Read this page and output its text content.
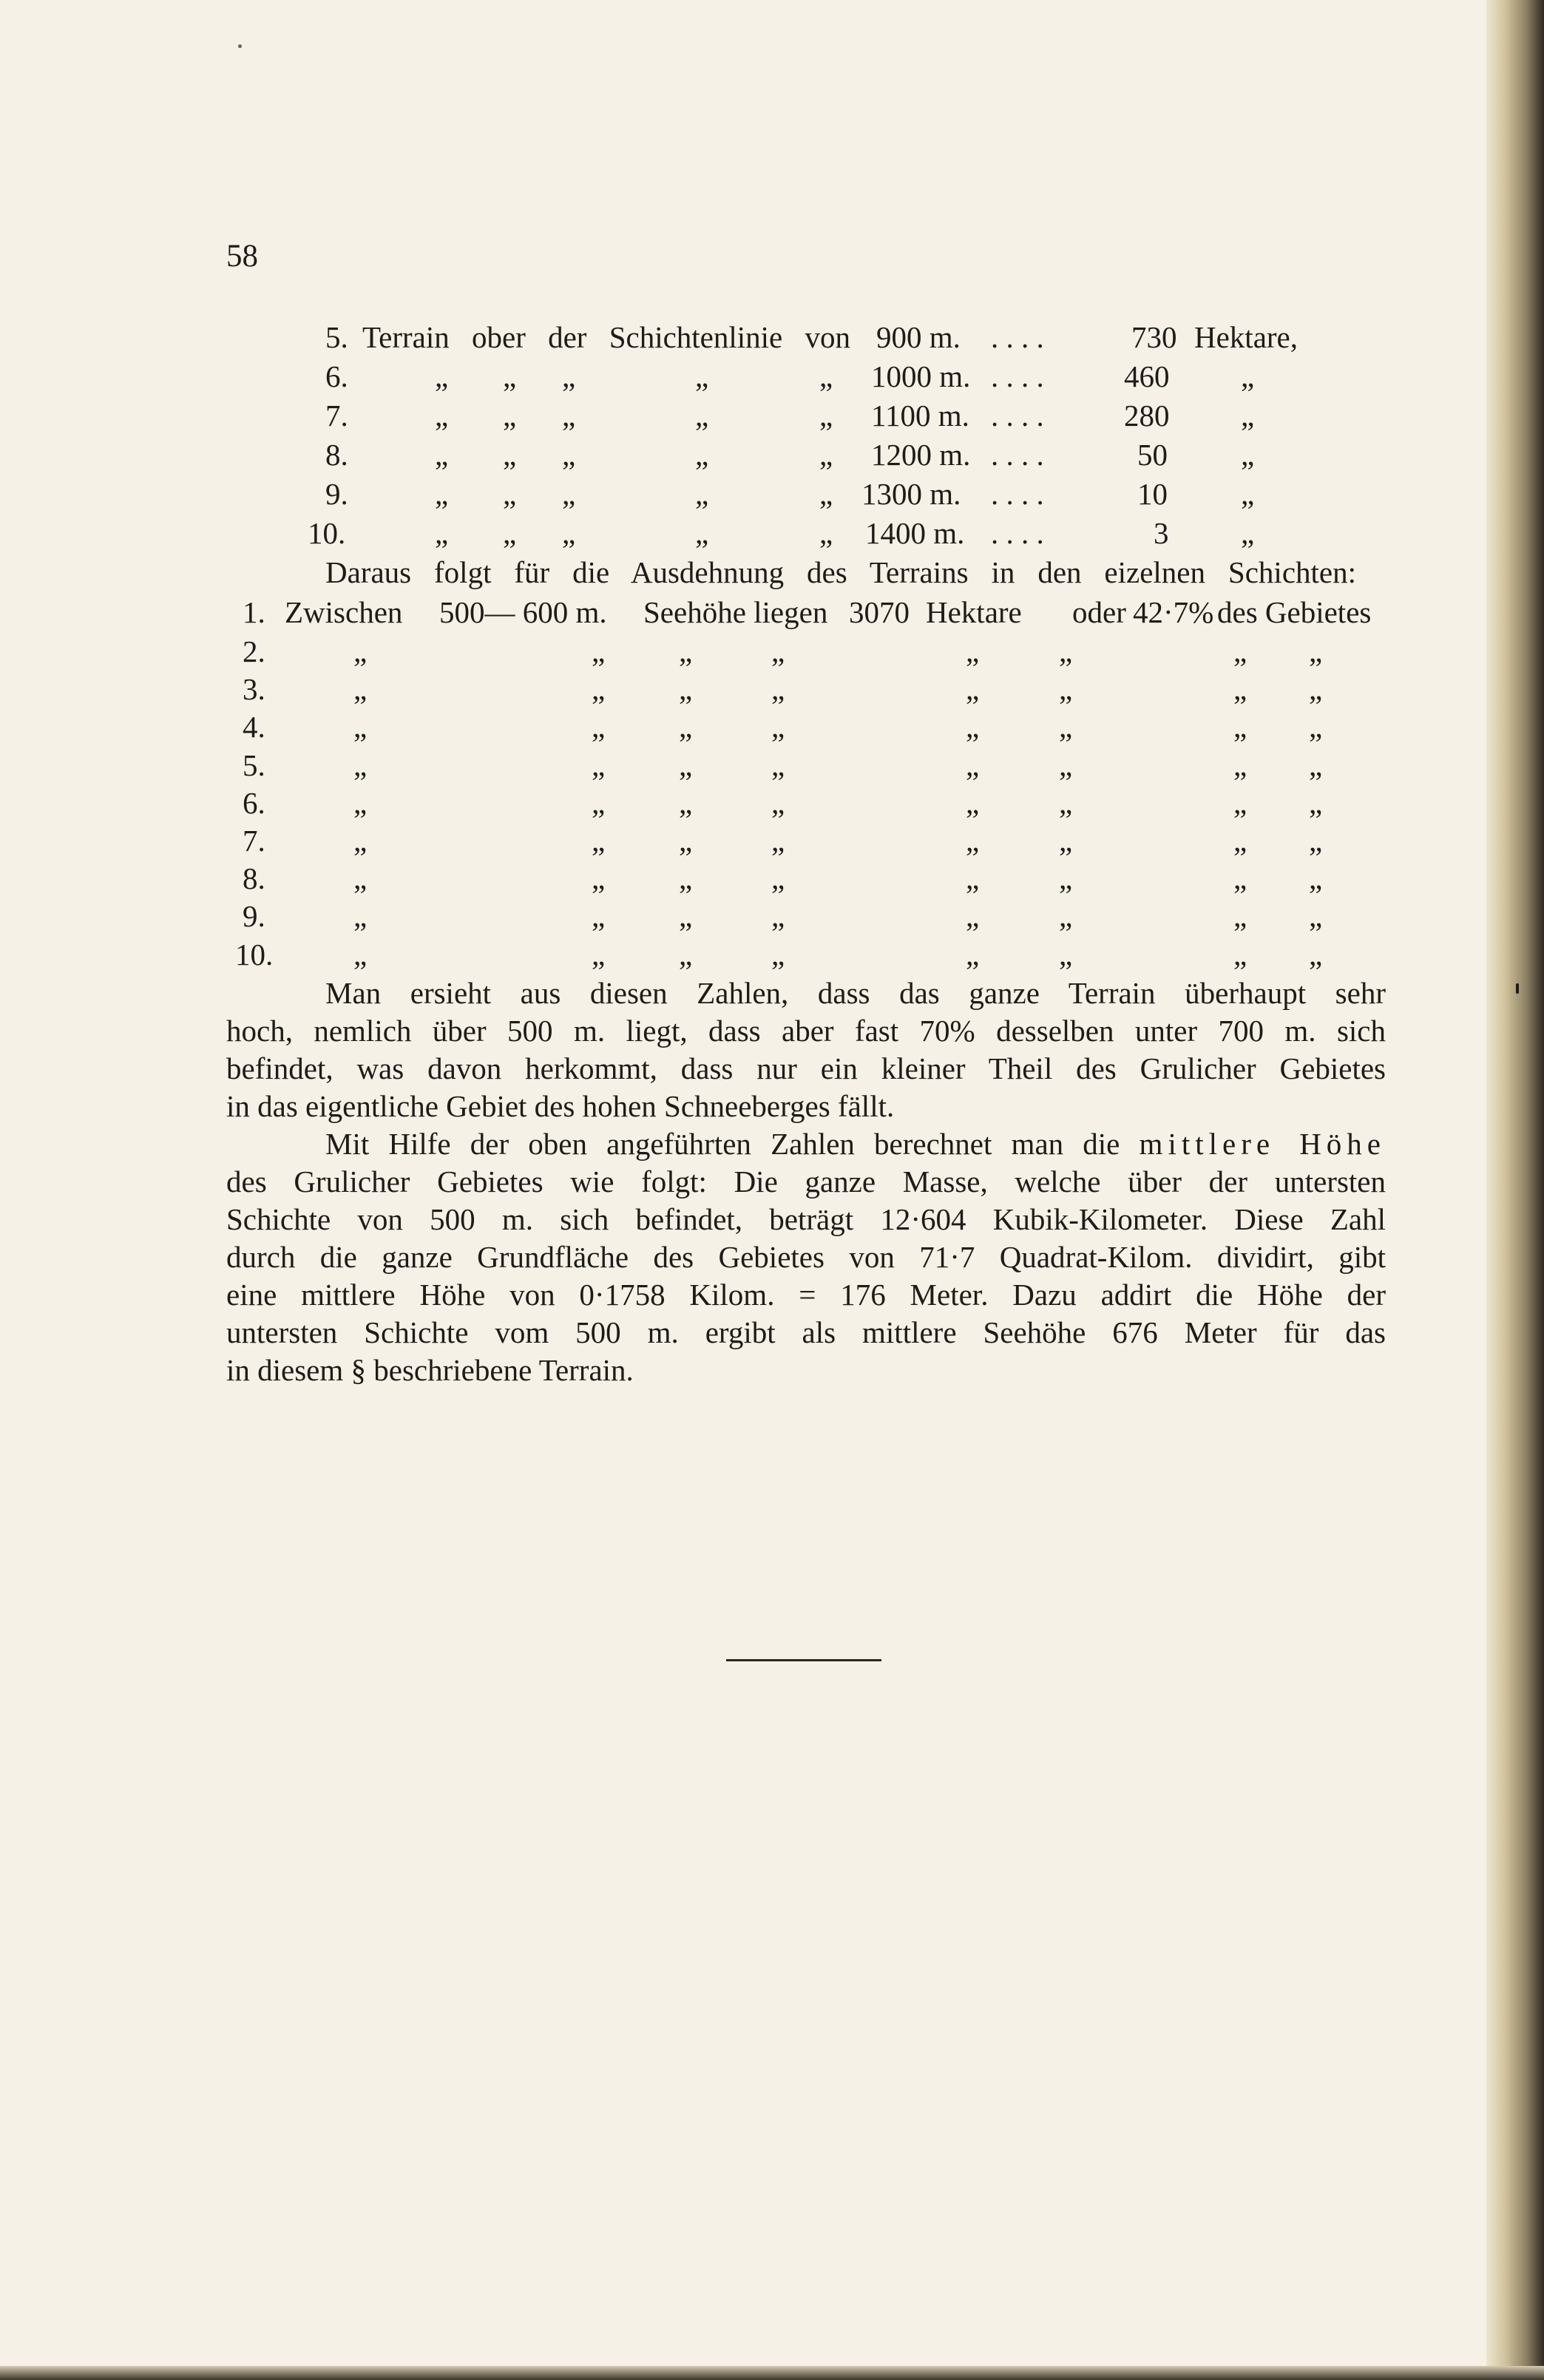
58
5. Terrain ober der Schichtenlinie von 900 m. . . . .	730 Hektare,
6.	„ „ „	„	„ 1000 m. . . . .	460 „
7.	„ „ „	„	„ 1100 m. . . . .	280 „
8.	„ „ „	„	„ 1200 m. . . . .	50 „
9.	„ „ „	„	„ 1300 m. . . . .	10 „
10.	„ „ „	„	„ 1400 m. . . . .	3 „
Daraus folgt für die Ausdehnung des Terrains in den eizelnen Schichten:
1. Zwischen 500— 600 m. Seehöhe liegen 3070 Hektare oder 42·7% des Gebietes
2.	„	„ „	„	„	„	„ „
3.	„	„ „	„	„	„	„ „
4.	„	„ „	„	„	„	„ „
5.	„	„ „	„	„	„	„ „
6.	„	„ „	„	„	„	„ „
7.	„	„ „	„	„	„	„ „
8.	„	„ „	„	„	„	„ „
9.	„	„ „	„	„	„	„ „
10.	„	„ „	„	„	„	„ „
Man ersieht aus diesen Zahlen, dass das ganze Terrain überhaupt sehr
hoch, nemlich über 500 m. liegt, dass aber fast 70% desselben unter 700 m. sich
befindet, was davon herkommt, dass nur ein kleiner Theil des Grulicher Gebietes
in das eigentliche Gebiet des hohen Schneeberges fällt.
Mit Hilfe der oben angeführten Zahlen berechnet man die mittlere Höhe
des Grulicher Gebietes wie folgt: Die ganze Masse, welche über der untersten
Schichte von 500 m. sich befindet, beträgt 12·604 Kubik-Kilometer. Diese Zahl
durch die ganze Grundfläche des Gebietes von 71·7 Quadrat-Kilom. dividirt, gibt
eine mittlere Höhe von 0·1758 Kilom. = 176 Meter. Dazu addirt die Höhe der
untersten Schichte vom 500 m. ergibt als mittlere Seehöhe 676 Meter für das
in diesem § beschriebene Terrain.
